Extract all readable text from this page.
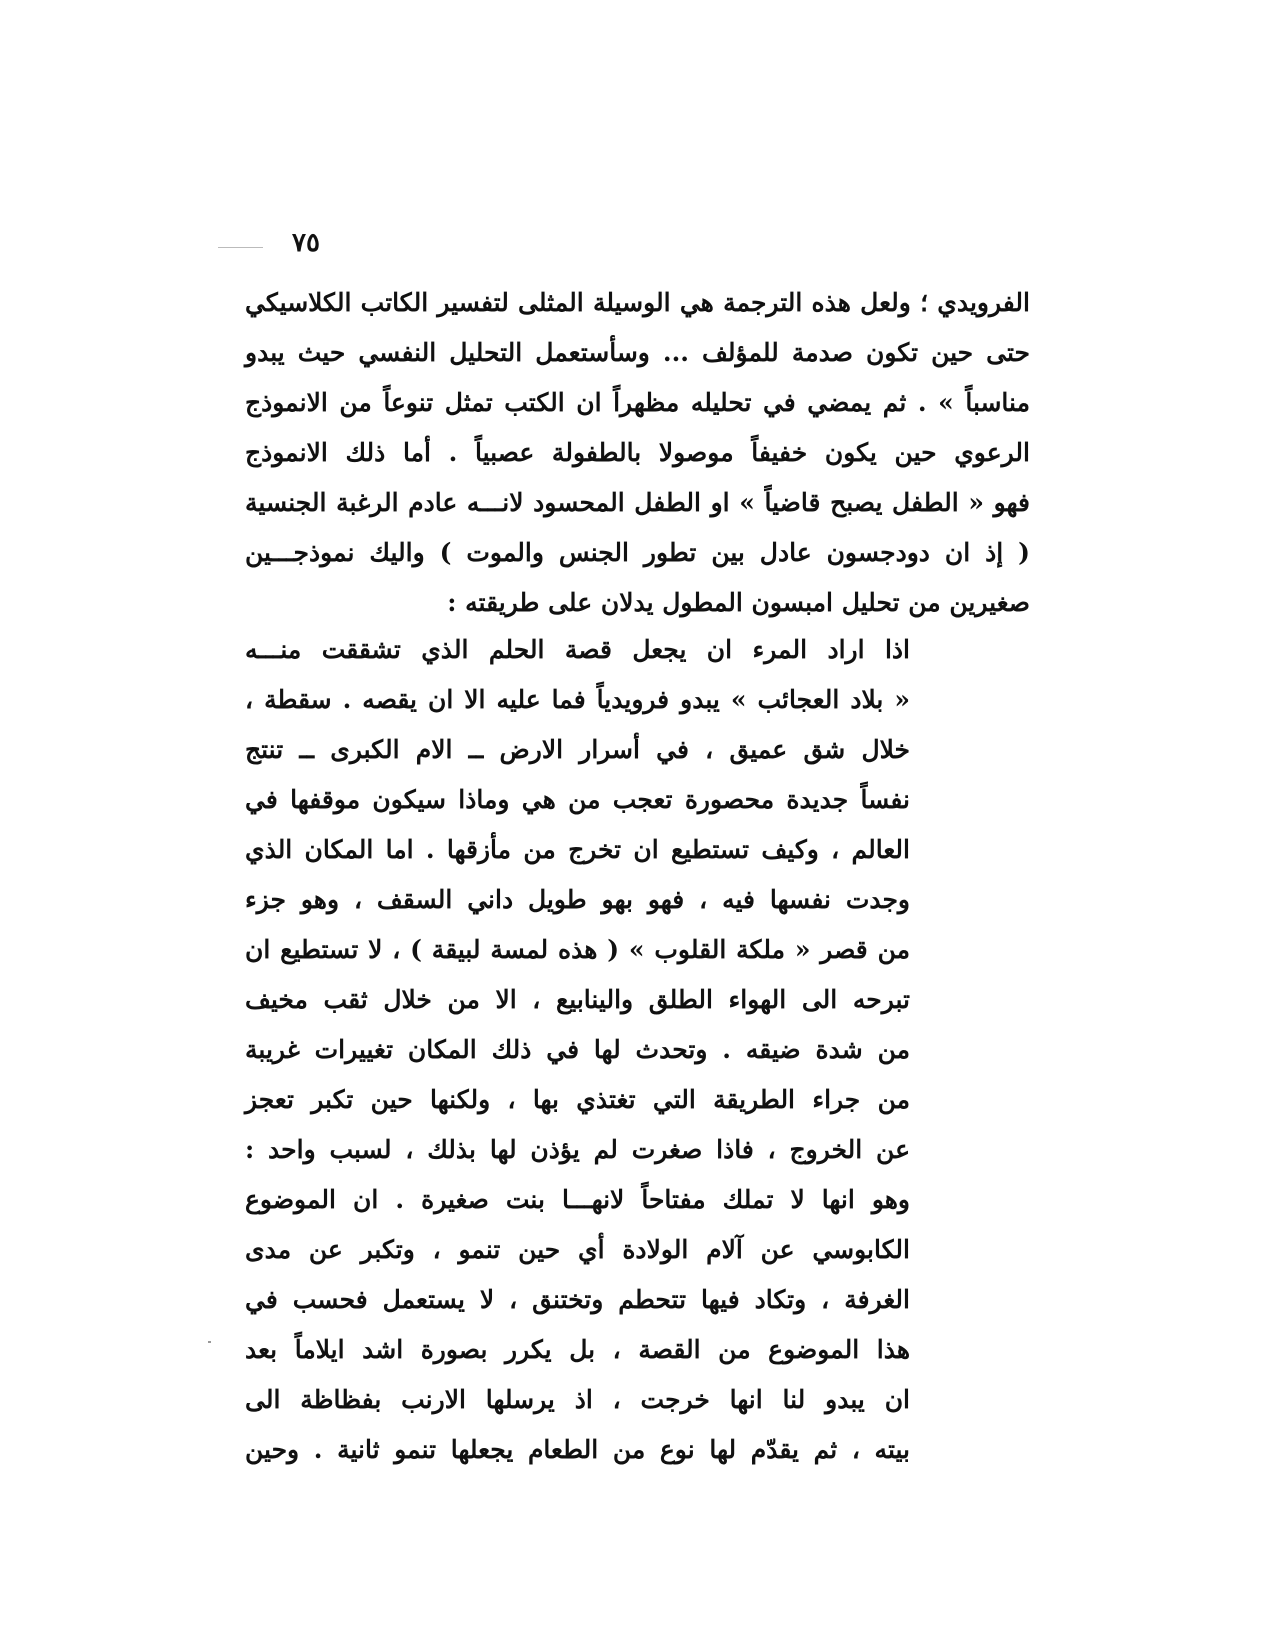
٧٥
الفرويدي ؛ ولعل هذه الترجمة هي الوسيلة المثلى لتفسير الكاتب الكلاسيكي
حتى حين تكون صدمة للمؤلف ... وسأستعمل التحليل النفسي حيث يبدو
مناسباً » . ثم يمضي في تحليله مظهراً ان الكتب تمثل تنوعاً من الانموذج
الرعوي حين يكون خفيفاً موصولا بالطفولة عصبياً . أما ذلك الانموذج
فهو « الطفل يصبح قاضياً » او الطفل المحسود لانـــه عادم الرغبة الجنسية
( إذ ان دودجسون عادل بين تطور الجنس والموت ) واليك نموذجـــين
صغيرين من تحليل امبسون المطول يدلان على طريقته :
اذا اراد المرء ان يجعل قصة الحلم الذي تشققت منـــه
« بلاد العجائب » يبدو فرويدياً فما عليه الا ان يقصه . سقطة ،
خلال شق عميق ، في أسرار الارض ــ الام الكبرى ــ تنتج
نفساً جديدة محصورة تعجب من هي وماذا سيكون موقفها في
العالم ، وكيف تستطيع ان تخرج من مأزقها . اما المكان الذي
وجدت نفسها فيه ، فهو بهو طويل داني السقف ، وهو جزء
من قصر « ملكة القلوب » ( هذه لمسة لبيقة ) ، لا تستطيع ان
تبرحه الى الهواء الطلق والينابيع ، الا من خلال ثقب مخيف
من شدة ضيقه . وتحدث لها في ذلك المكان تغييرات غريبة
من جراء الطريقة التي تغتذي بها ، ولكنها حين تكبر تعجز
عن الخروج ، فاذا صغرت لم يؤذن لها بذلك ، لسبب واحد :
وهو انها لا تملك مفتاحاً لانهـــا بنت صغيرة . ان الموضوع
الكابوسي عن آلام الولادة أي حين تنمو ، وتكبر عن مدى
الغرفة ، وتكاد فيها تتحطم وتختنق ، لا يستعمل فحسب في
هذا الموضوع من القصة ، بل يكرر بصورة اشد ايلاماً بعد
ان يبدو لنا انها خرجت ، اذ يرسلها الارنب بفظاظة الى
بيته ، ثم يقدّم لها نوع من الطعام يجعلها تنمو ثانية . وحين
